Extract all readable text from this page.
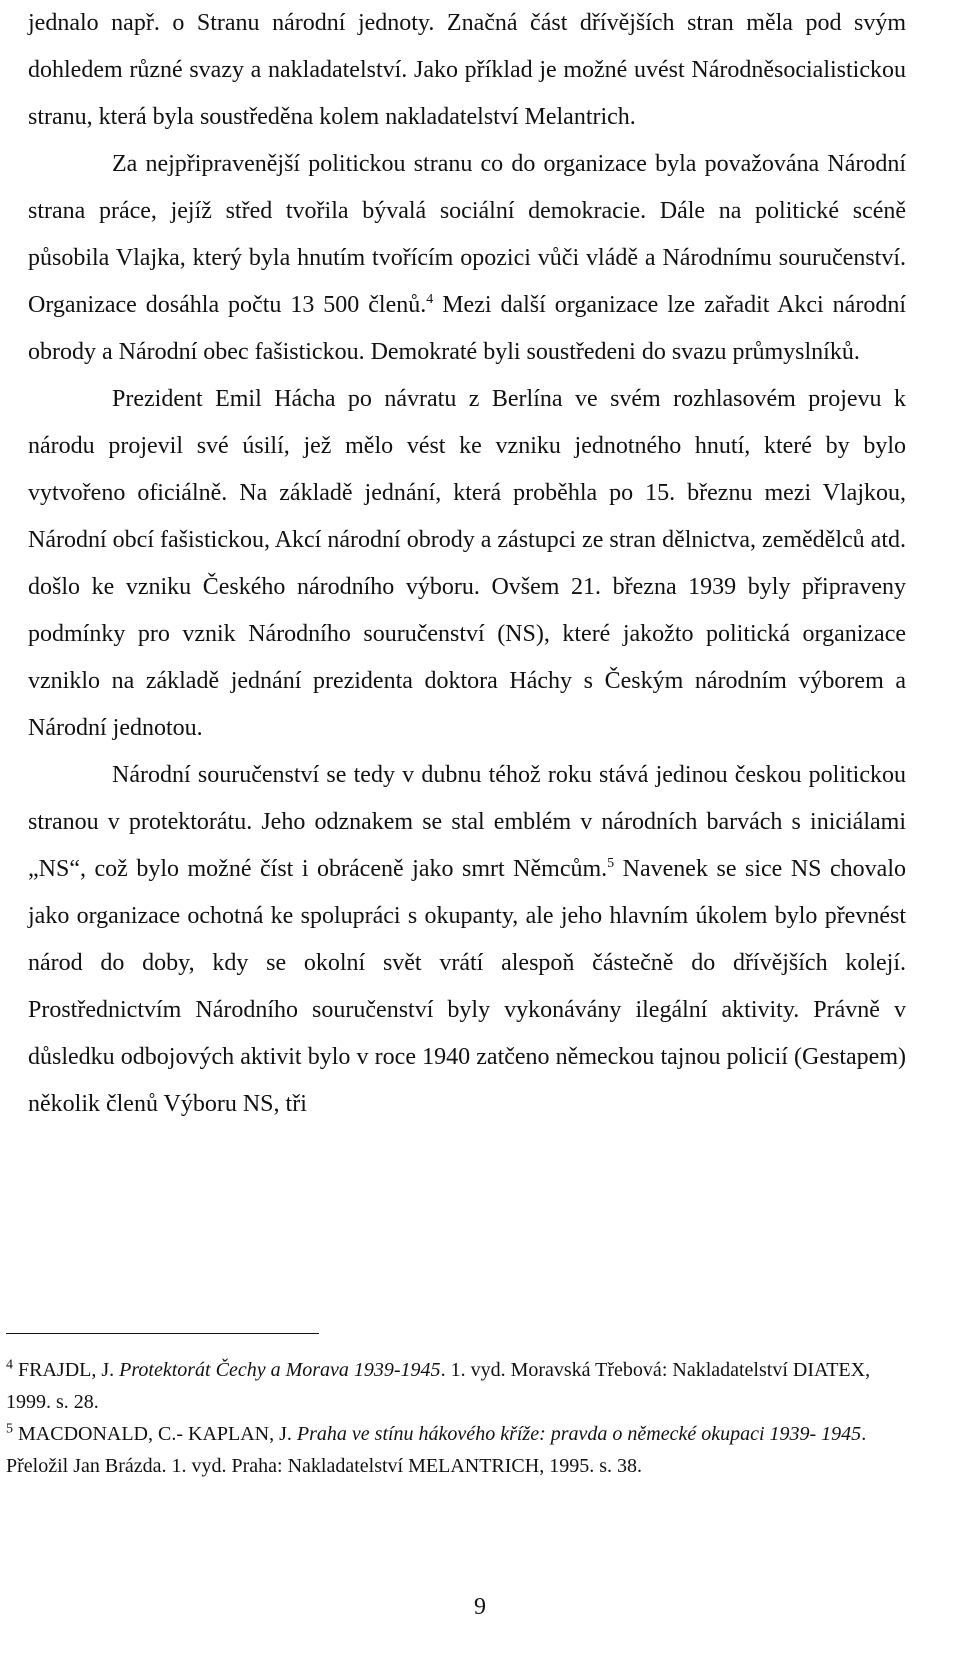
jednalo např. o Stranu národní jednoty. Značná část dřívějších stran měla pod svým dohledem různé svazy a nakladatelství. Jako příklad je možné uvést Národněsocialistickou stranu, která byla soustředěna kolem nakladatelství Melantrich.

Za nejpřipravenější politickou stranu co do organizace byla považována Národní strana práce, jejíž střed tvořila bývalá sociální demokracie. Dále na politické scéně působila Vlajka, který byla hnutím tvořícím opozici vůči vládě a Národnímu souručenství. Organizace dosáhla počtu 13 500 členů.$^4$ Mezi další organizace lze zařadit Akci národní obrody a Národní obec fašistickou. Demokraté byli soustředeni do svazu průmyslníků.

Prezident Emil Hácha po návratu z Berlína ve svém rozhlasovém projevu k národu projevil své úsilí, jež mělo vést ke vzniku jednotného hnutí, které by bylo vytvořeno oficiálně. Na základě jednání, která proběhla po 15. březnu mezi Vlajkou, Národní obcí fašistickou, Akcí národní obrody a zástupci ze stran dělnictva, zemědělců atd. došlo ke vzniku Českého národního výboru. Ovšem 21. března 1939 byly připraveny podmínky pro vznik Národního souručenství (NS), které jakožto politická organizace vzniklo na základě jednání prezidenta doktora Háchy s Českým národním výborem a Národní jednotou.

Národní souručenství se tedy v dubnu téhož roku stává jedinou českou politickou stranou v protektorátu. Jeho odznakem se stal emblém v národních barvách s iniciálami „NS“, což bylo možné číst i obráceně jako smrt Němcům.$^5$ Navenek se sice NS chovalo jako organizace ochotná ke spolupráci s okupanty, ale jeho hlavním úkolem bylo převnést národ do doby, kdy se okolní svět vrátí alespoň částečně do dřívějších kolejí. Prostřednictvím Národního souručenství byly vykonávány ilegální aktivity. Právně v důsledku odbojových aktivit bylo v roce 1940 zatčeno německou tajnou policií (Gestapem) několik členů Výboru NS, tři

$^4$ FRAJDL, J. Protektorát Čechy a Morava 1939-1945. 1. vyd. Moravská Třebová: Nakladatelství DIATEX, 1999. s. 28.

$^5$ MACDONALD, C.- KAPLAN, J. Praha ve stínu hákového kříže: pravda o německé okupaci 1939- 1945. Přeložil Jan Brázda. 1. vyd. Praha: Nakladatelství MELANTRICH, 1995. s. 38.

9
